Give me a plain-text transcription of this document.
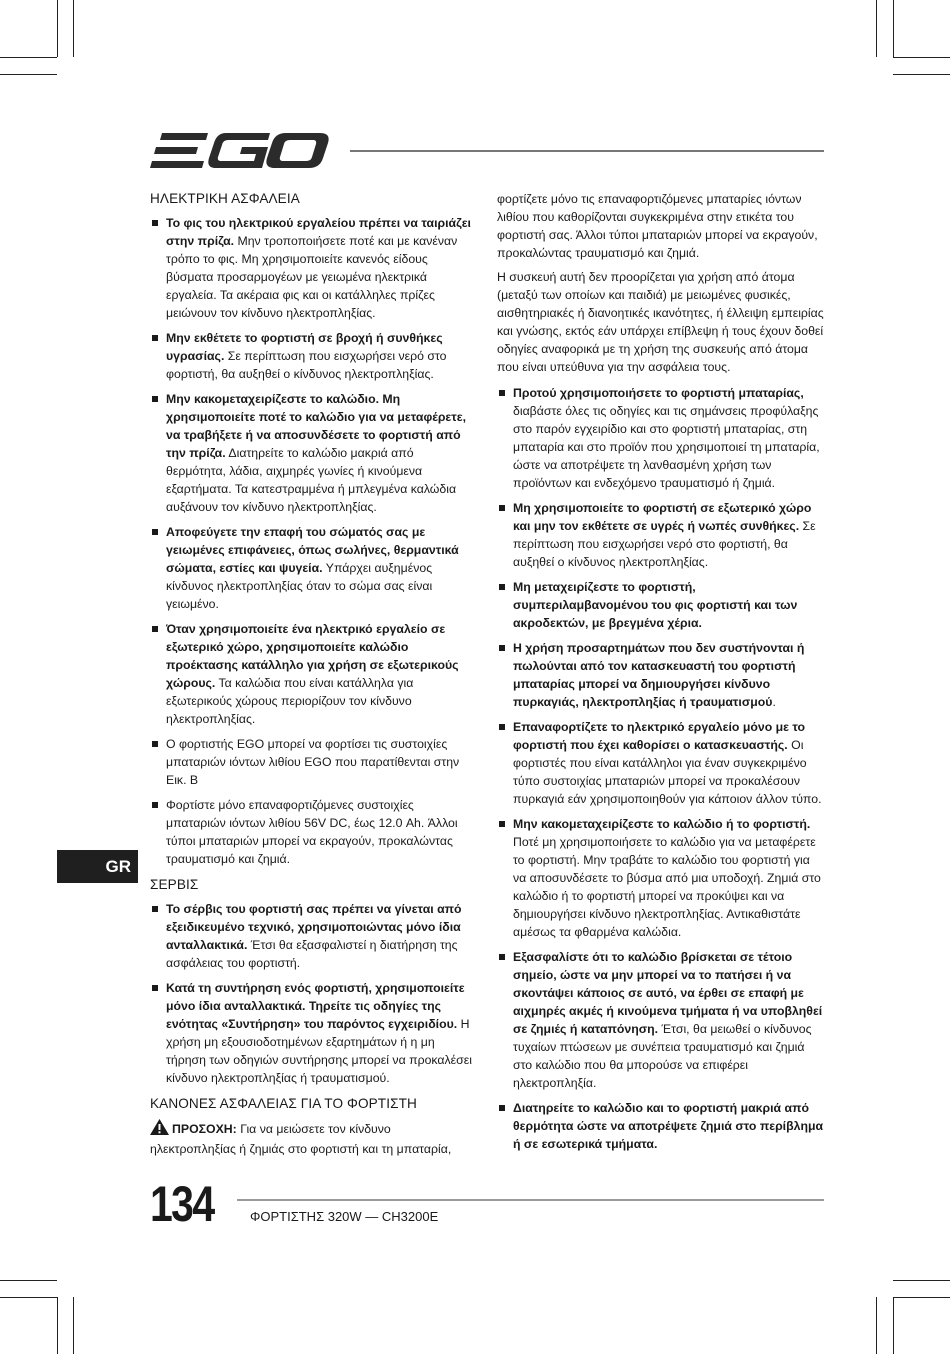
ΗΛΕΚΤΡΙΚΗ ΑΣΦΑΛΕΙΑ
Το φις του ηλεκτρικού εργαλείου πρέπει να ταιριάζει στην πρίζα. Μην τροποποιήσετε ποτέ και με κανέναν τρόπο το φις. Μη χρησιμοποιείτε κανενός είδους βύσματα προσαρμογέων με γειωμένα ηλεκτρικά εργαλεία. Τα ακέραια φις και οι κατάλληλες πρίζες μειώνουν τον κίνδυνο ηλεκτροπληξίας.
Μην εκθέτετε το φορτιστή σε βροχή ή συνθήκες υγρασίας. Σε περίπτωση που εισχωρήσει νερό στο φορτιστή, θα αυξηθεί ο κίνδυνος ηλεκτροπληξίας.
Μην κακομεταχειρίζεστε το καλώδιο. Μη χρησιμοποιείτε ποτέ το καλώδιο για να μεταφέρετε, να τραβήξετε ή να αποσυνδέσετε το φορτιστή από την πρίζα. Διατηρείτε το καλώδιο μακριά από θερμότητα, λάδια, αιχμηρές γωνίες ή κινούμενα εξαρτήματα. Τα κατεστραμμένα ή μπλεγμένα καλώδια αυξάνουν τον κίνδυνο ηλεκτροπληξίας.
Αποφεύγετε την επαφή του σώματός σας με γειωμένες επιφάνειες, όπως σωλήνες, θερμαντικά σώματα, εστίες και ψυγεία. Υπάρχει αυξημένος κίνδυνος ηλεκτροπληξίας όταν το σώμα σας είναι γειωμένο.
Όταν χρησιμοποιείτε ένα ηλεκτρικό εργαλείο σε εξωτερικό χώρο, χρησιμοποιείτε καλώδιο προέκτασης κατάλληλο για χρήση σε εξωτερικούς χώρους. Τα καλώδια που είναι κατάλληλα για εξωτερικούς χώρους περιορίζουν τον κίνδυνο ηλεκτροπληξίας.
Ο φορτιστής EGO μπορεί να φορτίσει τις συστοιχίες μπαταριών ιόντων λιθίου EGO που παρατίθενται στην Εικ. B
Φορτίστε μόνο επαναφορτιζόμενες συστοιχίες μπαταριών ιόντων λιθίου 56V DC, έως 12.0 Ah. Άλλοι τύποι μπαταριών μπορεί να εκραγούν, προκαλώντας τραυματισμό και ζημιά.
ΣΕΡΒΙΣ
Το σέρβις του φορτιστή σας πρέπει να γίνεται από εξειδικευμένο τεχνικό, χρησιμοποιώντας μόνο ίδια ανταλλακτικά. Έτσι θα εξασφαλιστεί η διατήρηση της ασφάλειας του φορτιστή.
Κατά τη συντήρηση ενός φορτιστή, χρησιμοποιείτε μόνο ίδια ανταλλακτικά. Τηρείτε τις οδηγίες της ενότητας «Συντήρηση» του παρόντος εγχειριδίου. Η χρήση μη εξουσιοδοτημένων εξαρτημάτων ή η μη τήρηση των οδηγιών συντήρησης μπορεί να προκαλέσει κίνδυνο ηλεκτροπληξίας ή τραυματισμού.
ΚΑΝΟΝΕΣ ΑΣΦΑΛΕΙΑΣ ΓΙΑ ΤΟ ΦΟΡΤΙΣΤΗ

ΠΡΟΣΟΧΗ: Για να μειώσετε τον κίνδυνο ηλεκτροπληξίας ή ζημιάς στο φορτιστή και τη μπαταρία,

φορτίζετε μόνο τις επαναφορτιζόμενες μπαταρίες ιόντων λιθίου που καθορίζονται συγκεκριμένα στην ετικέτα του φορτιστή σας. Άλλοι τύποι μπαταριών μπορεί να εκραγούν, προκαλώντας τραυματισμό και ζημιά.

Η συσκευή αυτή δεν προορίζεται για χρήση από άτομα (μεταξύ των οποίων και παιδιά) με μειωμένες φυσικές, αισθητηριακές ή διανοητικές ικανότητες, ή έλλειψη εμπειρίας και γνώσης, εκτός εάν υπάρχει επίβλεψη ή τους έχουν δοθεί οδηγίες αναφορικά με τη χρήση της συσκευής από άτομα που είναι υπεύθυνα για την ασφάλεια τους.

Προτού χρησιμοποιήσετε το φορτιστή μπαταρίας, διαβάστε όλες τις οδηγίες και τις σημάνσεις προφύλαξης στο παρόν εγχειρίδιο και στο φορτιστή μπαταρίας, στη μπαταρία και στο προϊόν που χρησιμοποιεί τη μπαταρία, ώστε να αποτρέψετε τη λανθασμένη χρήση των προϊόντων και ενδεχόμενο τραυματισμό ή ζημιά.
Μη χρησιμοποιείτε το φορτιστή σε εξωτερικό χώρο και μην τον εκθέτετε σε υγρές ή νωπές συνθήκες. Σε περίπτωση που εισχωρήσει νερό στο φορτιστή, θα αυξηθεί ο κίνδυνος ηλεκτροπληξίας.
Μη μεταχειρίζεστε το φορτιστή, συμπεριλαμβανομένου του φις φορτιστή και των ακροδεκτών, με βρεγμένα χέρια.
Η χρήση προσαρτημάτων που δεν συστήνονται ή πωλούνται από τον κατασκευαστή του φορτιστή μπαταρίας μπορεί να δημιουργήσει κίνδυνο πυρκαγιάς, ηλεκτροπληξίας ή τραυματισμού.
Επαναφορτίζετε το ηλεκτρικό εργαλείο μόνο με το φορτιστή που έχει καθορίσει ο κατασκευαστής. Οι φορτιστές που είναι κατάλληλοι για έναν συγκεκριμένο τύπο συστοιχίας μπαταριών μπορεί να προκαλέσουν πυρκαγιά εάν χρησιμοποιηθούν για κάποιον άλλον τύπο.
Μην κακομεταχειρίζεστε το καλώδιο ή το φορτιστή. Ποτέ μη χρησιμοποιήσετε το καλώδιο για να μεταφέρετε το φορτιστή. Μην τραβάτε το καλώδιο του φορτιστή για να αποσυνδέσετε το βύσμα από μια υποδοχή. Ζημιά στο καλώδιο ή το φορτιστή μπορεί να προκύψει και να δημιουργήσει κίνδυνο ηλεκτροπληξίας. Αντικαθιστάτε αμέσως τα φθαρμένα καλώδια.
Εξασφαλίστε ότι το καλώδιο βρίσκεται σε τέτοιο σημείο, ώστε να μην μπορεί να το πατήσει ή να σκοντάψει κάποιος σε αυτό, να έρθει σε επαφή με αιχμηρές ακμές ή κινούμενα τμήματα ή να υποβληθεί σε ζημιές ή καταπόνηση. Έτσι, θα μειωθεί ο κίνδυνος τυχαίων πτώσεων με συνέπεια τραυματισμό και ζημιά στο καλώδιο που θα μπορούσε να επιφέρει ηλεκτροπληξία.
Διατηρείτε το καλώδιο και το φορτιστή μακριά από θερμότητα ώστε να αποτρέψετε ζημιά στο περίβλημα ή σε εσωτερικά τμήματα.
GR
134	ΦΟΡΤΙΣΤΗΣ 320W — CH3200E
